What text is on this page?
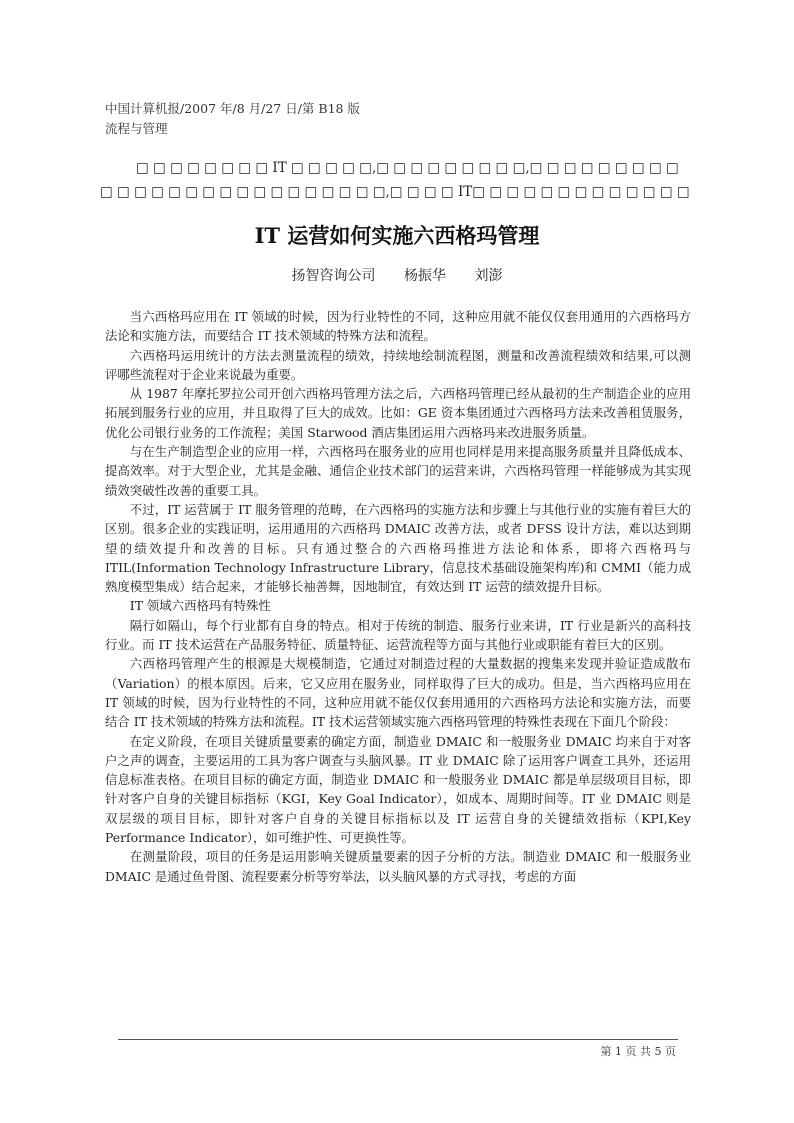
中国计算机报/2007 年/8 月/27 日/第 B18 版
流程与管理
□ □ □ □ □ □ □ □ IT □ □ □ □ □,□ □ □ □ □ □ □ □ □,□ □ □ □ □ □ □ □ □
□ □ □ □ □ □ □ □ □ □ □ □ □ □ □ □ □,□ □ □ □ IT□ □ □ □ □ □ □ □ □ □ □ □ □
IT 运营如何实施六西格玛管理
扬智咨询公司 杨振华 刘澎

当六西格玛应用在 IT 领域的时候，因为行业特性的不同，这种应用就不能仅仅套用通用的六西格玛方法论和实施方法，而要结合 IT 技术领域的特殊方法和流程。

六西格玛运用统计的方法去测量流程的绩效，持续地绘制流程图，测量和改善流程绩效和结果,可以测评哪些流程对于企业来说最为重要。

从 1987 年摩托罗拉公司开创六西格玛管理方法之后，六西格玛管理已经从最初的生产制造企业的应用拓展到服务行业的应用，并且取得了巨大的成效。比如：GE 资本集团通过六西格玛方法来改善租赁服务，优化公司银行业务的工作流程；美国 Starwood 酒店集团运用六西格玛来改进服务质量。

与在生产制造型企业的应用一样，六西格玛在服务业的应用也同样是用来提高服务质量并且降低成本、提高效率。对于大型企业，尤其是金融、通信企业技术部门的运营来讲，六西格玛管理一样能够成为其实现绩效突破性改善的重要工具。

不过，IT 运营属于 IT 服务管理的范畴，在六西格玛的实施方法和步骤上与其他行业的实施有着巨大的区别。很多企业的实践证明，运用通用的六西格玛 DMAIC 改善方法，或者 DFSS 设计方法，难以达到期望的绩效提升和改善的目标。只有通过整合的六西格玛推进方法论和体系，即将六西格玛与 ITIL(Information Technology Infrastructure Library，信息技术基础设施架构库)和 CMMI（能力成熟度模型集成）结合起来，才能够长袖善舞，因地制宜，有效达到 IT 运营的绩效提升目标。

IT 领域六西格玛有特殊性

隔行如隔山，每个行业都有自身的特点。相对于传统的制造、服务行业来讲，IT 行业是新兴的高科技行业。而 IT 技术运营在产品服务特征、质量特征、运营流程等方面与其他行业或职能有着巨大的区别。

六西格玛管理产生的根源是大规模制造，它通过对制造过程的大量数据的搜集来发现并验证造成散布（Variation）的根本原因。后来，它又应用在服务业，同样取得了巨大的成功。但是，当六西格玛应用在 IT 领域的时候，因为行业特性的不同，这种应用就不能仅仅套用通用的六西格玛方法论和实施方法，而要结合 IT 技术领域的特殊方法和流程。IT 技术运营领域实施六西格玛管理的特殊性表现在下面几个阶段：

在定义阶段，在项目关键质量要素的确定方面，制造业 DMAIC 和一般服务业 DMAIC 均来自于对客户之声的调查，主要运用的工具为客户调查与头脑风暴。IT 业 DMAIC 除了运用客户调查工具外，还运用信息标准表格。在项目目标的确定方面，制造业 DMAIC 和一般服务业 DMAIC 都是单层级项目目标，即针对客户自身的关键目标指标（KGI，Key Goal Indicator），如成本、周期时间等。IT 业 DMAIC 则是双层级的项目目标，即针对客户自身的关键目标指标以及 IT 运营自身的关键绩效指标（KPI,Key Performance Indicator），如可维护性、可更换性等。

在测量阶段，项目的任务是运用影响关键质量要素的因子分析的方法。制造业 DMAIC 和一般服务业 DMAIC 是通过鱼骨图、流程要素分析等穷举法，以头脑风暴的方式寻找，考虑的方面

第 1 页 共 5 页
